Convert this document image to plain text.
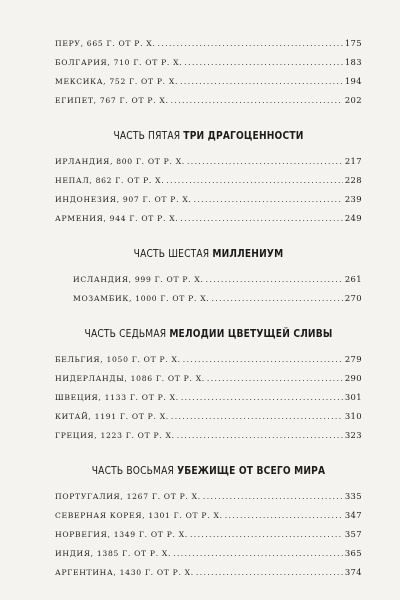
ПЕРУ, 665 Г. ОТ Р. Х. .....	175
БОЛГАРИЯ, 710 Г. ОТ Р. Х. .....	183
МЕКСИКА, 752 Г. ОТ Р. Х. .....	194
ЕГИПЕТ, 767 Г. ОТ Р. Х. .....	202
ЧАСТЬ ПЯТАЯ ТРИ ДРАГОЦЕННОСТИ
ИРЛАНДИЯ, 800 Г. ОТ Р. Х. .....	217
НЕПАЛ, 862 Г. ОТ Р. Х. .....	228
ИНДОНЕЗИЯ, 907 Г. ОТ Р. Х. .....	239
АРМЕНИЯ, 944 Г. ОТ Р. Х. .....	249
ЧАСТЬ ШЕСТАЯ МИЛЛЕНИУМ
ИСЛАНДИЯ, 999 Г. ОТ Р. Х. .....	261
МОЗАМБИК, 1000 Г. ОТ Р. Х. .....	270
ЧАСТЬ СЕДЬМАЯ МЕЛОДИИ ЦВЕТУЩЕЙ СЛИВЫ
БЕЛЬГИЯ, 1050 Г. ОТ Р. Х. .....	279
НИДЕРЛАНДЫ, 1086 Г. ОТ Р. Х. .....	290
ШВЕЦИЯ, 1133 Г. ОТ Р. Х. .....	301
КИТАЙ, 1191 Г. ОТ Р. Х. .....	310
ГРЕЦИЯ, 1223 Г. ОТ Р. Х. .....	323
ЧАСТЬ ВОСЬМАЯ УБЕЖИЩЕ ОТ ВСЕГО МИРА
ПОРТУГАЛИЯ, 1267 Г. ОТ Р. Х. .....	335
СЕВЕРНАЯ КОРЕЯ, 1301 Г. ОТ Р. Х. .....	347
НОРВЕГИЯ, 1349 Г. ОТ Р. Х. .....	357
ИНДИЯ, 1385 Г. ОТ Р. Х. .....	365
АРГЕНТИНА, 1430 Г. ОТ Р. Х. .....	374
